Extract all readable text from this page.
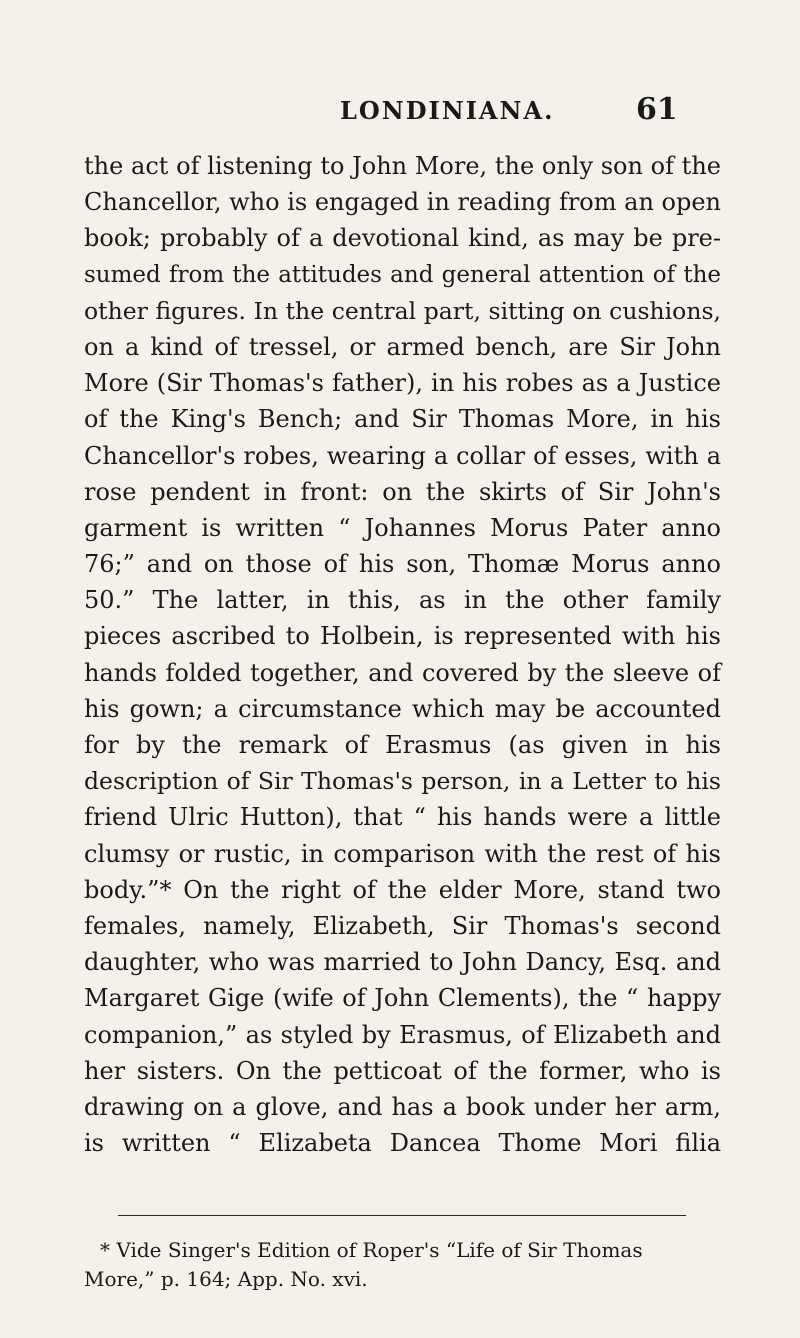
LONDINIANA.	61
the act of listening to John More, the only son of the
Chancellor, who is engaged in reading from an open
book; probably of a devotional kind, as may be pre-
sumed from the attitudes and general attention of the
other figures. In the central part, sitting on cushions,
on a kind of tressel, or armed bench, are Sir John
More (Sir Thomas's father), in his robes as a Justice
of the King's Bench; and Sir Thomas More, in his
Chancellor's robes, wearing a collar of esses, with a
rose pendent in front: on the skirts of Sir John's
garment is written “ Johannes Morus Pater anno
76;” and on those of his son, Thomæ Morus anno
50.” The latter, in this, as in the other family
pieces ascribed to Holbein, is represented with his
hands folded together, and covered by the sleeve of
his gown; a circumstance which may be accounted
for by the remark of Erasmus (as given in his
description of Sir Thomas's person, in a Letter to his
friend Ulric Hutton), that “ his hands were a little
clumsy or rustic, in comparison with the rest of his
body.”* On the right of the elder More, stand two
females, namely, Elizabeth, Sir Thomas's second
daughter, who was married to John Dancy, Esq. and
Margaret Gige (wife of John Clements), the “ happy
companion,” as styled by Erasmus, of Elizabeth and
her sisters. On the petticoat of the former, who is
drawing on a glove, and has a book under her arm,
is written “ Elizabeta Dancea Thome Mori filia
* Vide Singer's Edition of Roper's “Life of Sir Thomas
More,” p. 164; App. No. xvi.
